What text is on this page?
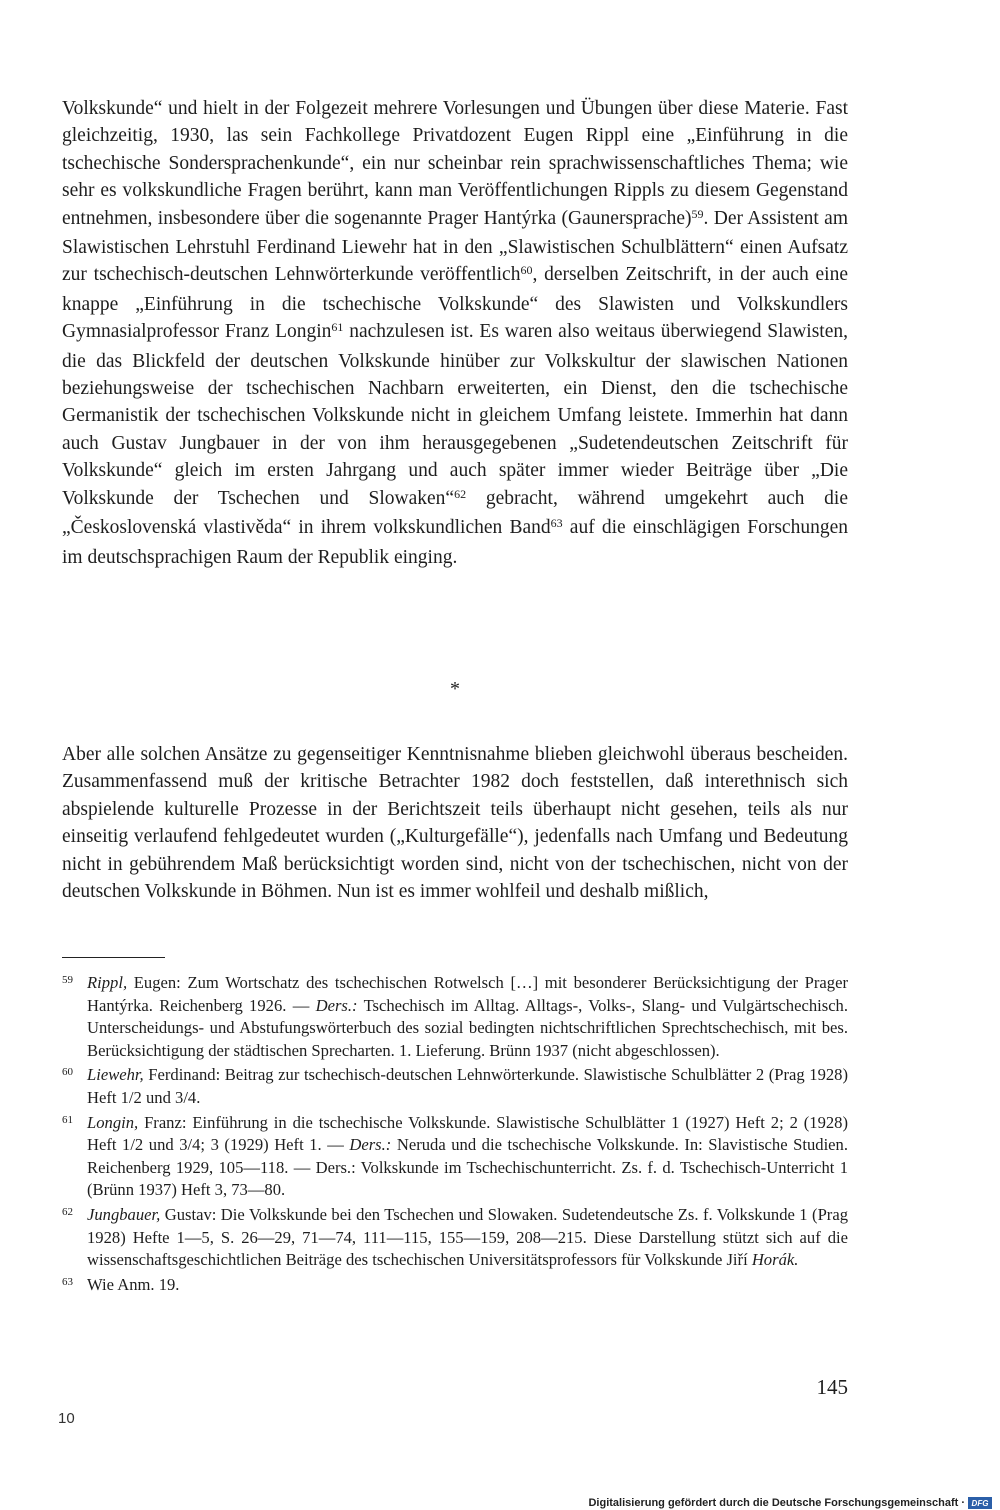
Volkskunde“ und hielt in der Folgezeit mehrere Vorlesungen und Übungen über diese Materie. Fast gleichzeitig, 1930, las sein Fachkollege Privatdozent Eugen Rippl eine „Einführung in die tschechische Sondersprachenkunde“, ein nur scheinbar rein sprachwissenschaftliches Thema; wie sehr es volkskundliche Fragen berührt, kann man Veröffentlichungen Rippls zu diesem Gegenstand entnehmen, insbesondere über die sogenannte Prager Hantýrka (Gaunersprache)$^{59}$. Der Assistent am Slawistischen Lehrstuhl Ferdinand Liewehr hat in den „Slawistischen Schulblättern“ einen Aufsatz zur tschechisch-deutschen Lehnwörterkunde veröffentlich$^{60}$, derselben Zeitschrift, in der auch eine knappe „Einführung in die tschechische Volkskunde“ des Slawisten und Volkskundlers Gymnasialprofessor Franz Longin$^{61}$ nachzulesen ist. Es waren also weitaus überwiegend Slawisten, die das Blickfeld der deutschen Volkskunde hinüber zur Volkskultur der slawischen Nationen beziehungsweise der tschechischen Nachbarn erweiterten, ein Dienst, den die tschechische Germanistik der tschechischen Volkskunde nicht in gleichem Umfang leistete. Immerhin hat dann auch Gustav Jungbauer in der von ihm herausgegebenen „Sudetendeutschen Zeitschrift für Volkskunde“ gleich im ersten Jahrgang und auch später immer wieder Beiträge über „Die Volkskunde der Tschechen und Slowaken“$^{62}$ gebracht, während umgekehrt auch die „Československá vlastivěda“ in ihrem volkskundlichen Band$^{63}$ auf die einschlägigen Forschungen im deutschsprachigen Raum der Republik einging.

*

Aber alle solchen Ansätze zu gegenseitiger Kenntnisnahme blieben gleichwohl überaus bescheiden. Zusammenfassend muß der kritische Betrachter 1982 doch feststellen, daß interethnisch sich abspielende kulturelle Prozesse in der Berichtszeit teils überhaupt nicht gesehen, teils als nur einseitig verlaufend fehlgedeutet wurden („Kulturgefälle“), jedenfalls nach Umfang und Bedeutung nicht in gebührendem Maß berücksichtigt worden sind, nicht von der tschechischen, nicht von der deutschen Volkskunde in Böhmen. Nun ist es immer wohlfeil und deshalb mißlich,

59 Rippl, Eugen: Zum Wortschatz des tschechischen Rotwelsch […] mit besonderer Berücksichtigung der Prager Hantýrka. Reichenberg 1926. — Ders.: Tschechisch im Alltag. Alltags-, Volks-, Slang- und Vulgärtschechisch. Unterscheidungs- und Abstufungswörterbuch des sozial bedingten nichtschriftlichen Sprechtschechisch, mit bes. Berücksichtigung der städtischen Sprecharten. 1. Lieferung. Brünn 1937 (nicht abgeschlossen).
60 Liewehr, Ferdinand: Beitrag zur tschechisch-deutschen Lehnwörterkunde. Slawistische Schulblätter 2 (Prag 1928) Heft 1/2 und 3/4.
61 Longin, Franz: Einführung in die tschechische Volkskunde. Slawistische Schulblätter 1 (1927) Heft 2; 2 (1928) Heft 1/2 und 3/4; 3 (1929) Heft 1. — Ders.: Neruda und die tschechische Volkskunde. In: Slavistische Studien. Reichenberg 1929, 105—118. — Ders.: Volkskunde im Tschechischunterricht. Zs. f. d. Tschechisch-Unterricht 1 (Brünn 1937) Heft 3, 73—80.
62 Jungbauer, Gustav: Die Volkskunde bei den Tschechen und Slowaken. Sudetendeutsche Zs. f. Volkskunde 1 (Prag 1928) Hefte 1—5, S. 26—29, 71—74, 111—115, 155—159, 208—215. Diese Darstellung stützt sich auf die wissenschaftsgeschichtlichen Beiträge des tschechischen Universitätsprofessors für Volkskunde Jiří Horák.
63 Wie Anm. 19.
145
10
Digitalisierung gefördert durch die Deutsche Forschungsgemeinschaft · DFG
